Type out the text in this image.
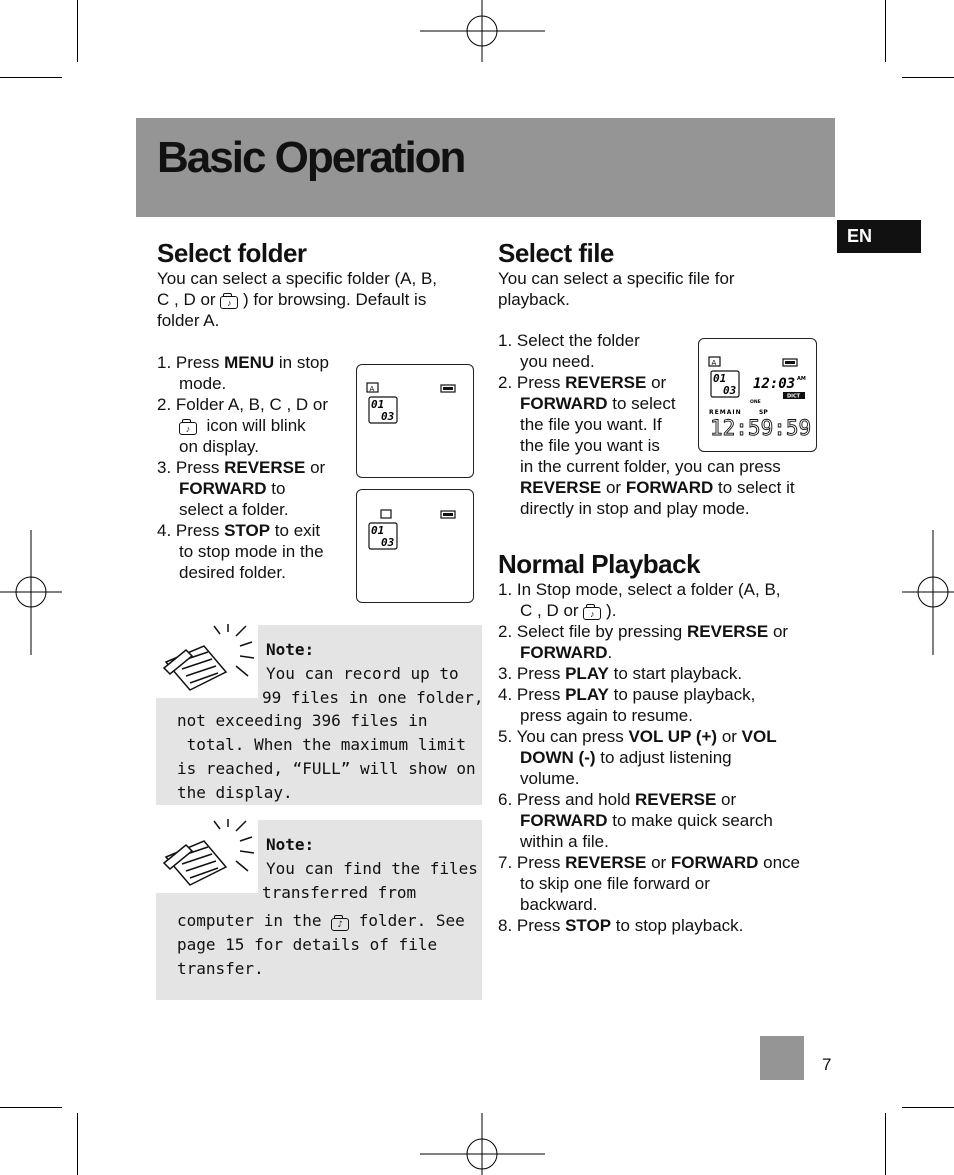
Basic Operation
EN
Select folder
You can select a specific folder (A, B,
C , D or ♪ ) for browsing. Default is
folder A.
1. Press MENU in stop
mode.
2. Folder A, B, C , D or
♪ icon will blink
on display.
3. Press REVERSE or
FORWARD to
select a folder.
4. Press STOP to exit
to stop mode in the
desired folder.
A
01
03
01
03
Note:
You can record up to
99 files in one folder,
not exceeding 396 files in
total. When the maximum limit
is reached, “FULL” will show on
the display.
Note:
You can find the files
transferred from
computer in the ♪ folder. See
page 15 for details of file
transfer.
Select file
You can select a specific file for
playback.
1. Select the folder
you need.
2. Press REVERSE or
FORWARD to select
the file you want. If
the file you want is
in the current folder, you can press
REVERSE or FORWARD to select it
directly in stop and play mode.
A
01
03 12:03 AM
ONE
DICT
REMAIN	SP
12:59:59
Normal Playback
1. In Stop mode, select a folder (A, B,
C , D or ♪ ).
2. Select file by pressing REVERSE or
FORWARD.
3. Press PLAY to start playback.
4. Press PLAY to pause playback,
press again to resume.
5. You can press VOL UP (+) or VOL
DOWN (-) to adjust listening
volume.
6. Press and hold REVERSE or
FORWARD to make quick search
within a file.
7. Press REVERSE or FORWARD once
to skip one file forward or
backward.
8. Press STOP to stop playback.
7
